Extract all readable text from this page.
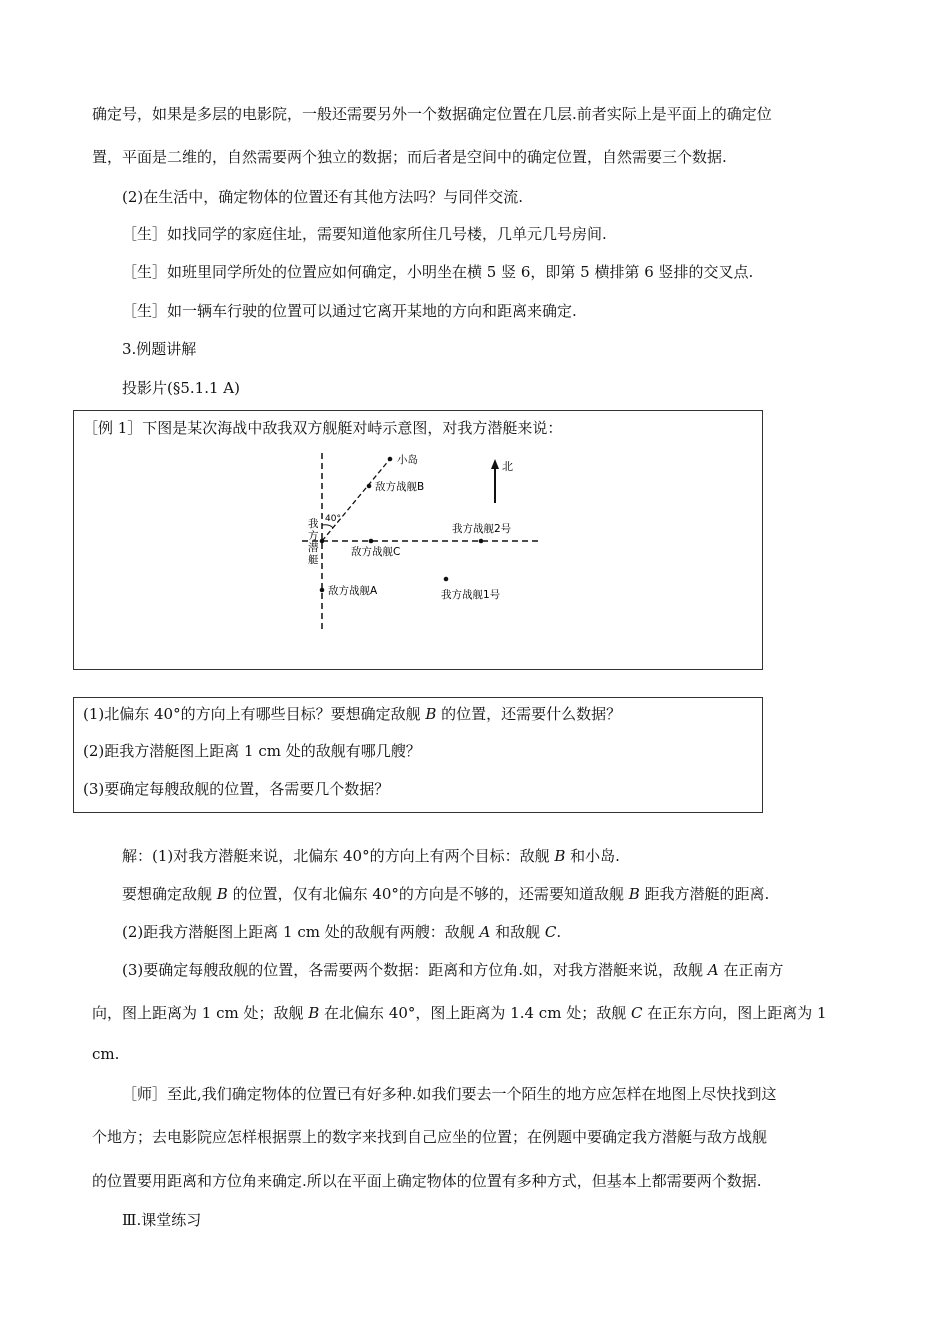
确定号，如果是多层的电影院，一般还需要另外一个数据确定位置在几层.前者实际上是平面上的确定位
置，平面是二维的，自然需要两个独立的数据；而后者是空间中的确定位置，自然需要三个数据.
(2)在生活中，确定物体的位置还有其他方法吗？与同伴交流.
［生］如找同学的家庭住址，需要知道他家所住几号楼，几单元几号房间.
［生］如班里同学所处的位置应如何确定，小明坐在横 5 竖 6，即第 5 横排第 6 竖排的交叉点.
［生］如一辆车行驶的位置可以通过它离开某地的方向和距离来确定.
3.例题讲解
投影片(§5.1.1 A)
［例 1］下图是某次海战中敌我双方舰艇对峙示意图，对我方潜艇来说：
小岛
敌方战舰B
北
40°
我
方
潜
艇
我方战舰2号
敌方战舰C
敌方战舰A	我方战舰1号
(1)北偏东 40°的方向上有哪些目标？要想确定敌舰 B 的位置，还需要什么数据？
(2)距我方潜艇图上距离 1 cm 处的敌舰有哪几艘？
(3)要确定每艘敌舰的位置，各需要几个数据？
解：(1)对我方潜艇来说，北偏东 40°的方向上有两个目标：敌舰 B 和小岛.
要想确定敌舰 B 的位置，仅有北偏东 40°的方向是不够的，还需要知道敌舰 B 距我方潜艇的距离.
(2)距我方潜艇图上距离 1 cm 处的敌舰有两艘：敌舰 A 和敌舰 C.
(3)要确定每艘敌舰的位置，各需要两个数据：距离和方位角.如，对我方潜艇来说，敌舰 A 在正南方
向，图上距离为 1 cm 处；敌舰 B 在北偏东 40°，图上距离为 1.4 cm 处；敌舰 C 在正东方向，图上距离为 1
cm.
［师］至此,我们确定物体的位置已有好多种.如我们要去一个陌生的地方应怎样在地图上尽快找到这
个地方；去电影院应怎样根据票上的数字来找到自己应坐的位置；在例题中要确定我方潜艇与敌方战舰
的位置要用距离和方位角来确定.所以在平面上确定物体的位置有多种方式，但基本上都需要两个数据.
Ⅲ.课堂练习
